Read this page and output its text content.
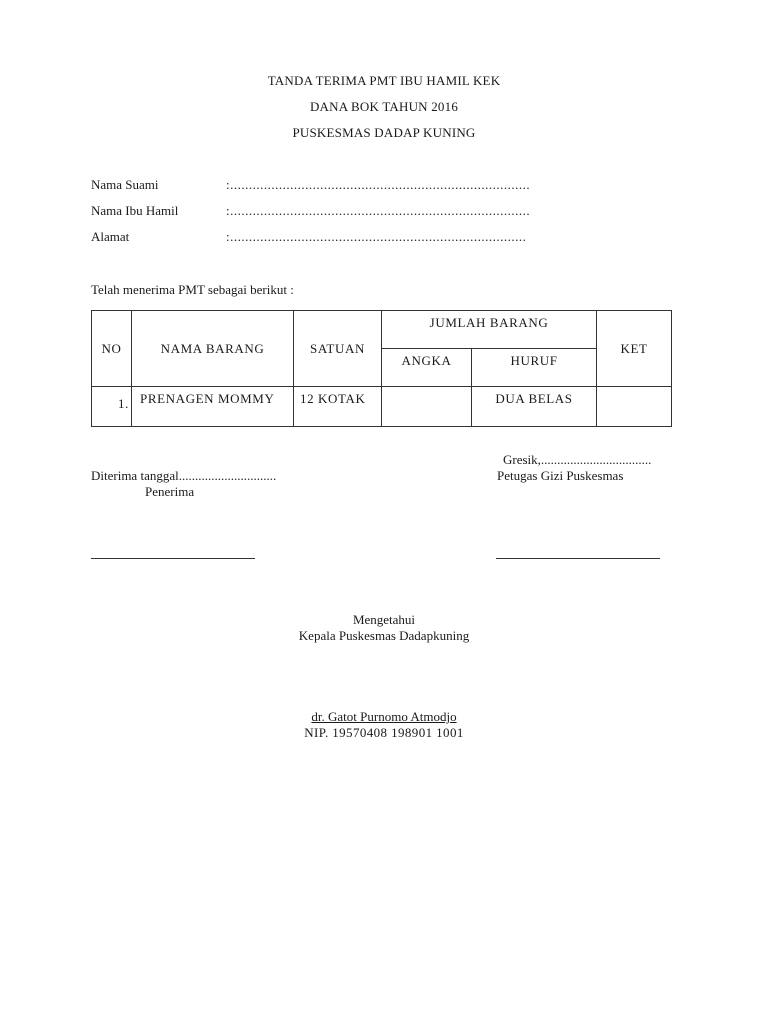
TANDA TERIMA PMT IBU HAMIL KEK
DANA BOK TAHUN 2016
PUSKESMAS DADAP KUNING
Nama Suami	:................................................................................
Nama Ibu Hamil	:................................................................................
Alamat	:...............................................................................
Telah menerima PMT sebagai berikut :
NO	NAMA BARANG	SATUAN	JUMLAH BARANG		KET
			ANGKA	HURUF	
1.	PRENAGEN MOMMY	12 KOTAK		DUA BELAS	
Gresik,..................................
Diterima tanggal..............................	Petugas Gizi Puskesmas
Penerima
Mengetahui
Kepala Puskesmas Dadapkuning
dr. Gatot Purnomo Atmodjo
NIP. 19570408 198901 1001
